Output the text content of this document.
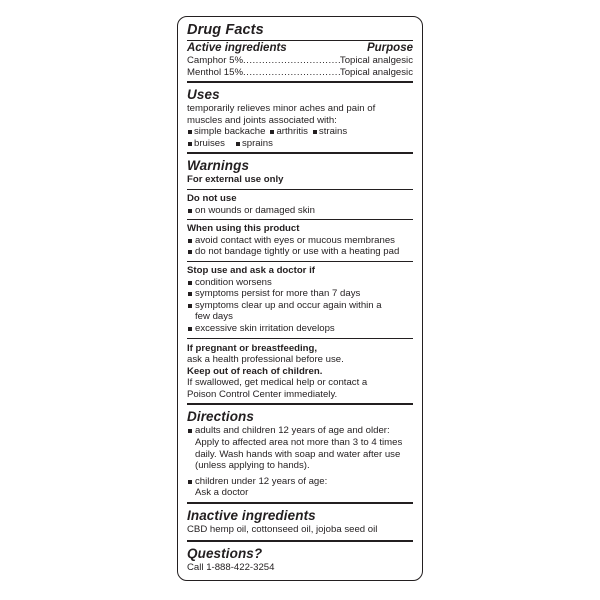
Drug Facts
Active ingredients	Purpose
Camphor 5% .....	Topical analgesic
Menthol 15% .....	Topical analgesic
Uses
temporarily relieves minor aches and pain of muscles and joints associated with:
simple backache arthritis strains
bruises sprains
Warnings
For external use only
Do not use
on wounds or damaged skin
When using this product
avoid contact with eyes or mucous membranes
do not bandage tightly or use with a heating pad
Stop use and ask a doctor if
condition worsens
symptoms persist for more than 7 days
symptoms clear up and occur again within a few days
excessive skin irritation develops
If pregnant or breastfeeding,
ask a health professional before use.
Keep out of reach of children.
If swallowed, get medical help or contact a Poison Control Center immediately.
Directions
adults and children 12 years of age and older: Apply to affected area not more than 3 to 4 times daily. Wash hands with soap and water after use (unless applying to hands).
children under 12 years of age: Ask a doctor
Inactive ingredients
CBD hemp oil, cottonseed oil, jojoba seed oil
Questions?
Call 1-888-422-3254
